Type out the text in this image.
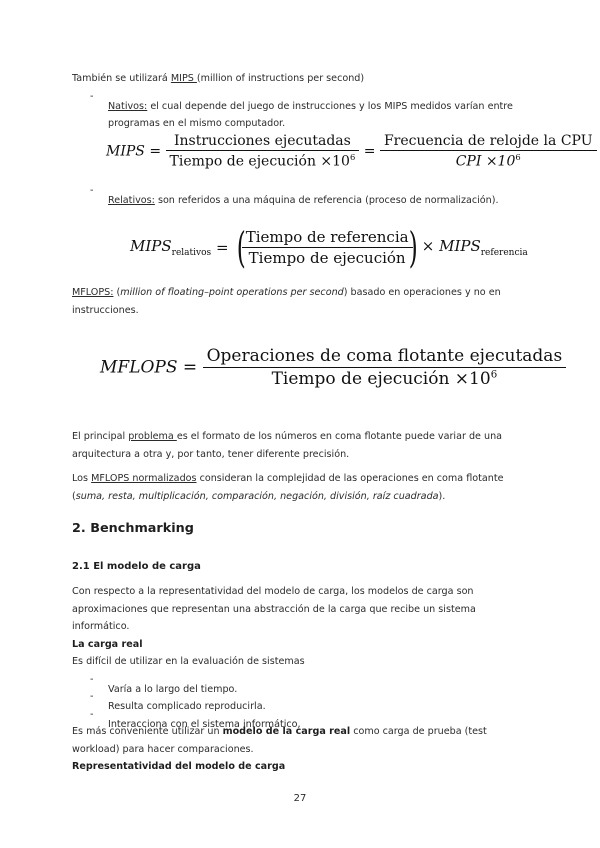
También se utilizará MIPS (million of instructions per second)

-

Nativos: el cual depende del juego de instrucciones y los MIPS medidos varían entre programas en el mismo computador.

MIPS = $\frac{\text{Instrucciones ejecutadas}}{Tiempo de ejecución \times 10^6} = \frac{\text{Frecuencia de relojde la CPU}}{CPI \times 10^6}$
-

Relativos: son referidos a una máquina de referencia (proceso de normalización).

$MIPS_{relativos}$ = (
$\frac{\text{Tiempo de referencia}}{\text{Tiempo de ejecución}}$
) × $MIPS_{referencia}$

MFLOPS: (million of floating–point operations per second) basado en operaciones y no en instrucciones.

MFLOPS = $\frac{\text{Operaciones de coma flotante ejecutadas}}{Tiempo de ejecución \times 10^6}$

El principal problema es el formato de los números en coma flotante puede variar de una arquitectura a otra y, por tanto, tener diferente precisión.

Los MFLOPS normalizados consideran la complejidad de las operaciones en coma flotante (suma, resta, multiplicación, comparación, negación, división, raíz cuadrada).

2. Benchmarking
2.1 El modelo de carga

Con respecto a la representatividad del modelo de carga, los modelos de carga son aproximaciones que representan una abstracción de la carga que recibe un sistema informático.

La carga real

Es difícil de utilizar en la evaluación de sistemas

-

Varía a lo largo del tiempo.

-

Resulta complicado reproducirla.

-

Interacciona con el sistema informático,

Es más conveniente utilizar un modelo de la carga real como carga de prueba (test workload) para hacer comparaciones.

Representatividad del modelo de carga

27
